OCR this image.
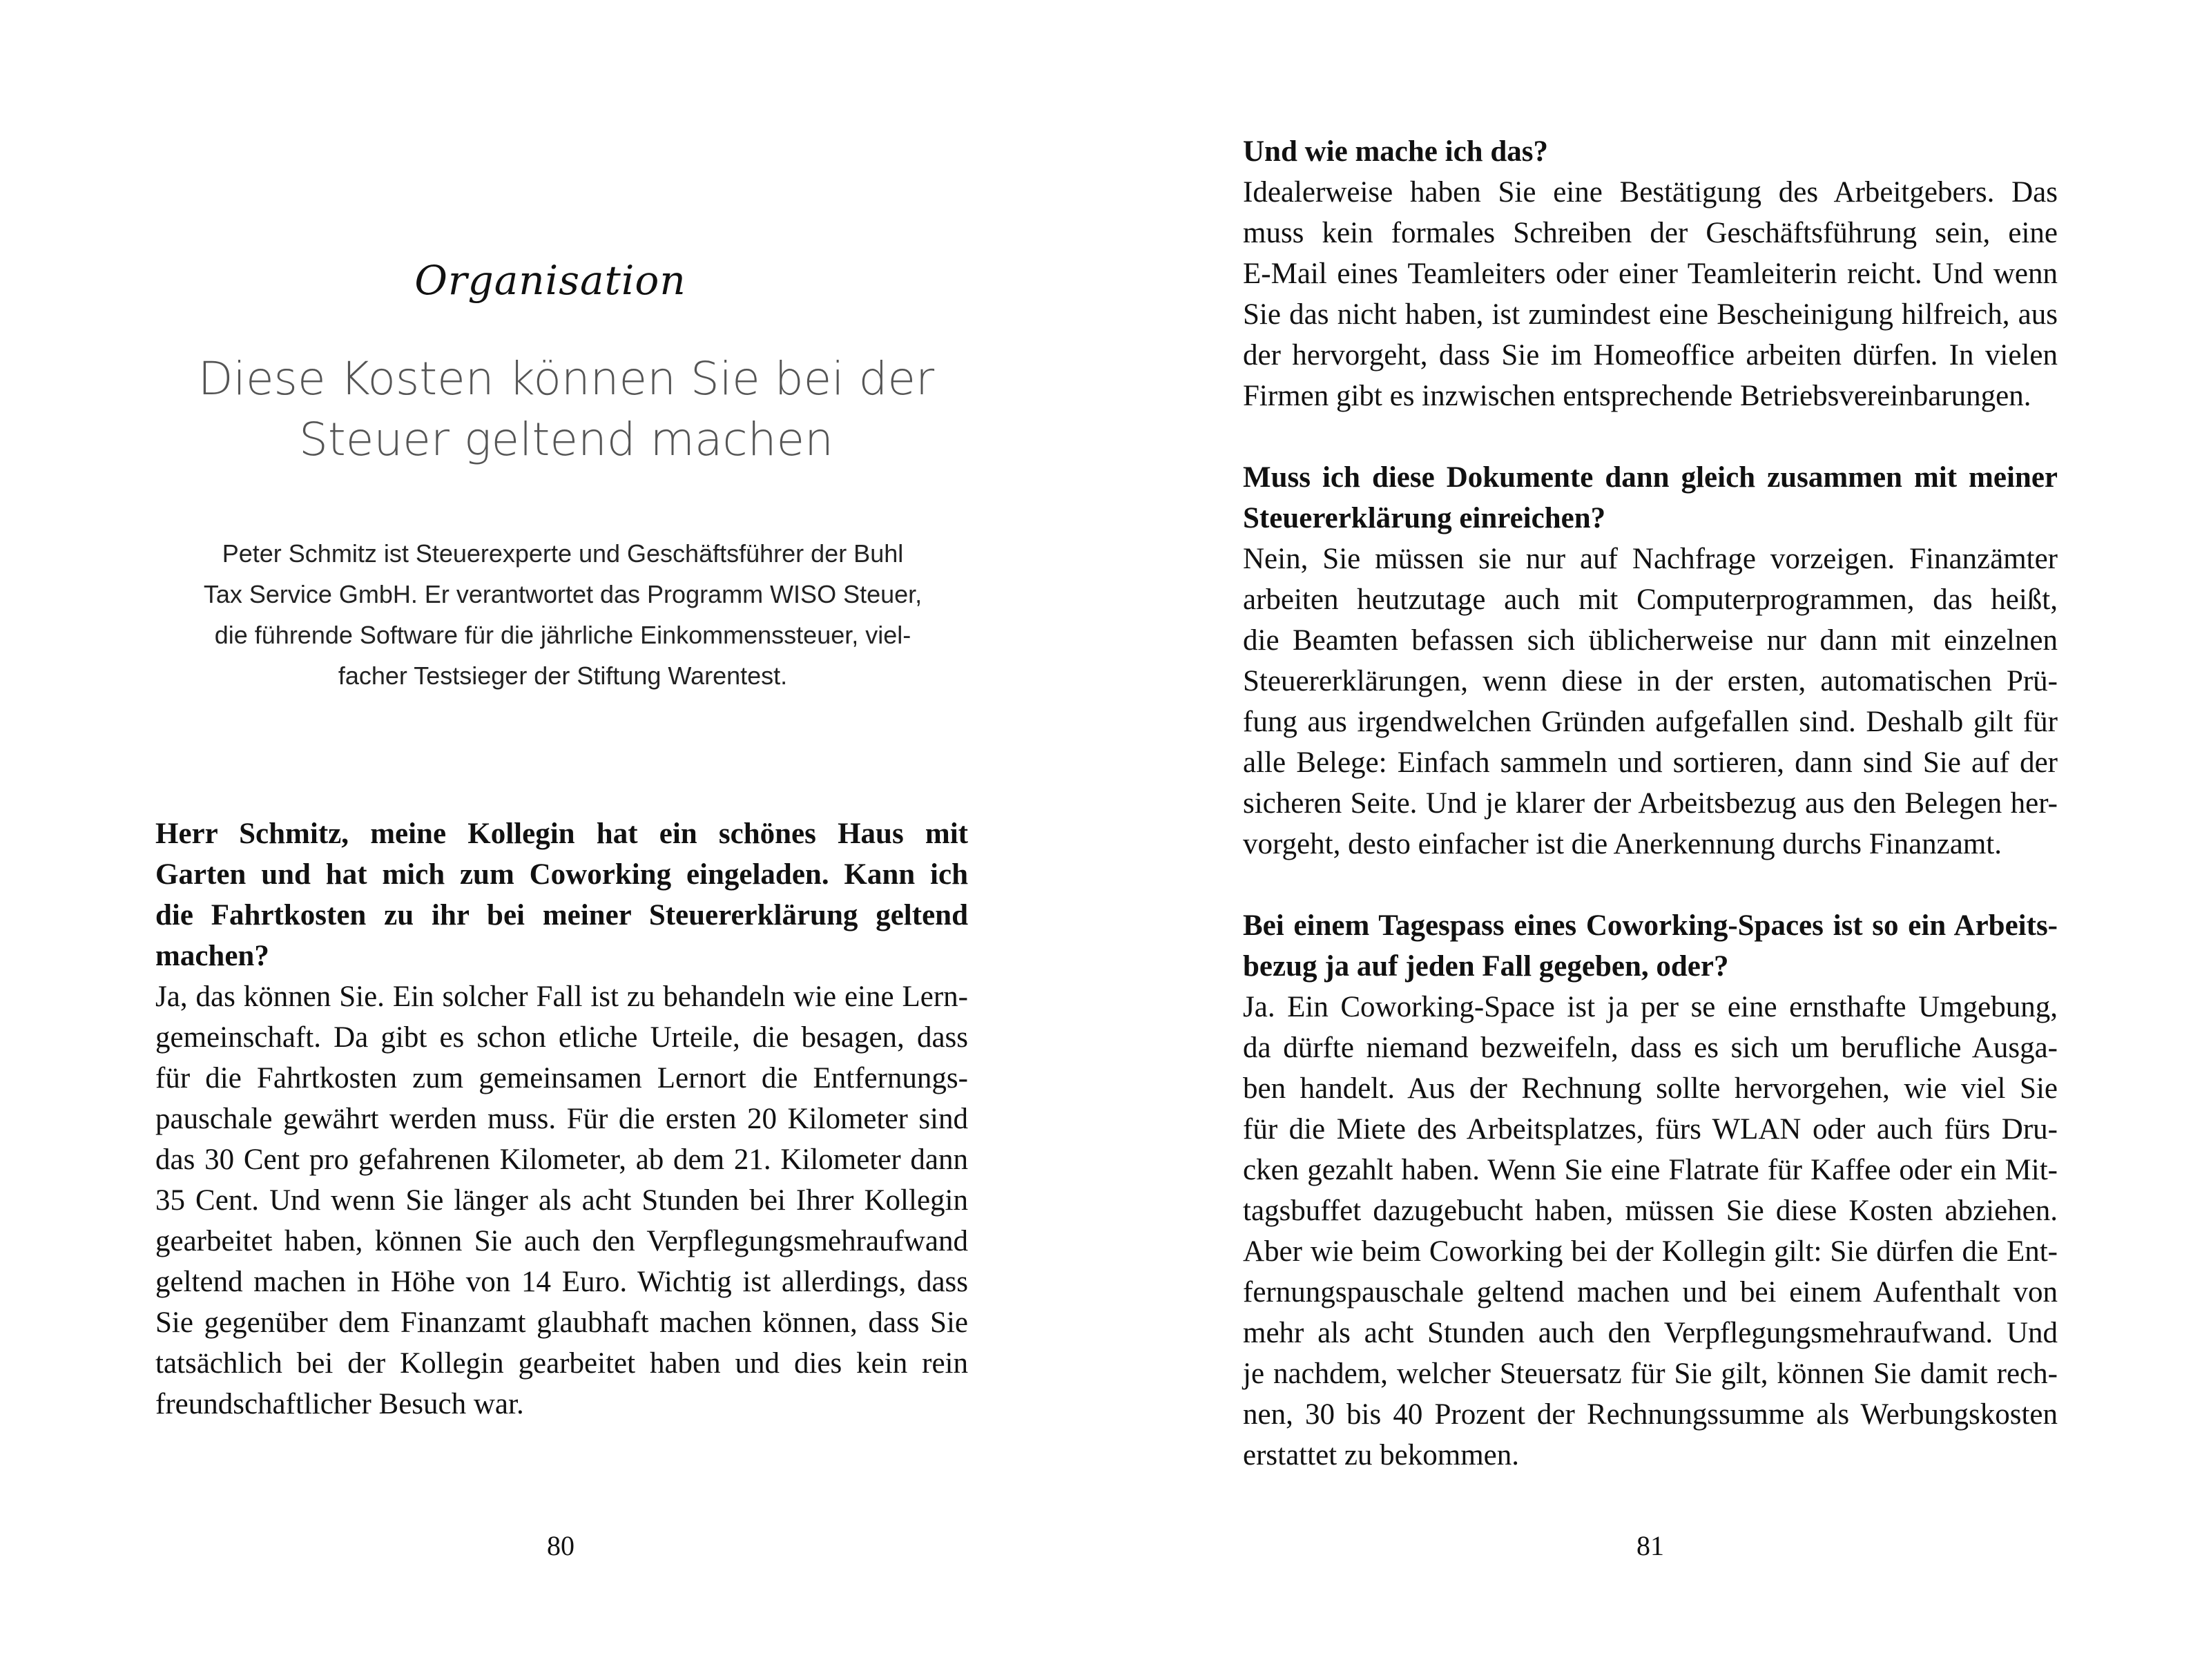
Organisation
Diese Kosten können Sie bei der
Steuer geltend machen
Peter Schmitz ist Steuerexperte und Geschäftsführer der Buhl
Tax Service GmbH. Er verantwortet das Programm WISO Steuer,
die führende Software für die jährliche Einkommenssteuer, viel-
facher Testsieger der Stiftung Warentest.
Herr Schmitz, meine Kollegin hat ein schönes Haus mit
Garten und hat mich zum Coworking eingeladen. Kann ich
die Fahrtkosten zu ihr bei meiner Steuererklärung geltend
machen?
Ja, das können Sie. Ein solcher Fall ist zu behandeln wie eine Lern-
gemeinschaft. Da gibt es schon etliche Urteile, die besagen, dass
für die Fahrtkosten zum gemeinsamen Lernort die Entfernungs-
pauschale gewährt werden muss. Für die ersten 20 Kilometer sind
das 30 Cent pro gefahrenen Kilometer, ab dem 21. Kilometer dann
35 Cent. Und wenn Sie länger als acht Stunden bei Ihrer Kollegin
gearbeitet haben, können Sie auch den Verpflegungsmehraufwand
geltend machen in Höhe von 14 Euro. Wichtig ist allerdings, dass
Sie gegenüber dem Finanzamt glaubhaft machen können, dass Sie
tatsächlich bei der Kollegin gearbeitet haben und dies kein rein
freundschaftlicher Besuch war.
80
Und wie mache ich das?
Idealerweise haben Sie eine Bestätigung des Arbeitgebers. Das
muss kein formales Schreiben der Geschäftsführung sein, eine
E-Mail eines Teamleiters oder einer Teamleiterin reicht. Und wenn
Sie das nicht haben, ist zumindest eine Bescheinigung hilfreich, aus
der hervorgeht, dass Sie im Homeoffice arbeiten dürfen. In vielen
Firmen gibt es inzwischen entsprechende Betriebsvereinbarungen.
Muss ich diese Dokumente dann gleich zusammen mit meiner
Steuererklärung einreichen?
Nein, Sie müssen sie nur auf Nachfrage vorzeigen. Finanzämter
arbeiten heutzutage auch mit Computerprogrammen, das heißt,
die Beamten befassen sich üblicherweise nur dann mit einzelnen
Steuererklärungen, wenn diese in der ersten, automatischen Prü-
fung aus irgendwelchen Gründen aufgefallen sind. Deshalb gilt für
alle Belege: Einfach sammeln und sortieren, dann sind Sie auf der
sicheren Seite. Und je klarer der Arbeitsbezug aus den Belegen her-
vorgeht, desto einfacher ist die Anerkennung durchs Finanzamt.
Bei einem Tagespass eines Coworking-Spaces ist so ein Arbeits-
bezug ja auf jeden Fall gegeben, oder?
Ja. Ein Coworking-Space ist ja per se eine ernsthafte Umgebung,
da dürfte niemand bezweifeln, dass es sich um berufliche Ausga-
ben handelt. Aus der Rechnung sollte hervorgehen, wie viel Sie
für die Miete des Arbeitsplatzes, fürs WLAN oder auch fürs Dru-
cken gezahlt haben. Wenn Sie eine Flatrate für Kaffee oder ein Mit-
tagsbuffet dazugebucht haben, müssen Sie diese Kosten abziehen.
Aber wie beim Coworking bei der Kollegin gilt: Sie dürfen die Ent-
fernungspauschale geltend machen und bei einem Aufenthalt von
mehr als acht Stunden auch den Verpflegungsmehraufwand. Und
je nachdem, welcher Steuersatz für Sie gilt, können Sie damit rech-
nen, 30 bis 40 Prozent der Rechnungssumme als Werbungskosten
erstattet zu bekommen.
81
